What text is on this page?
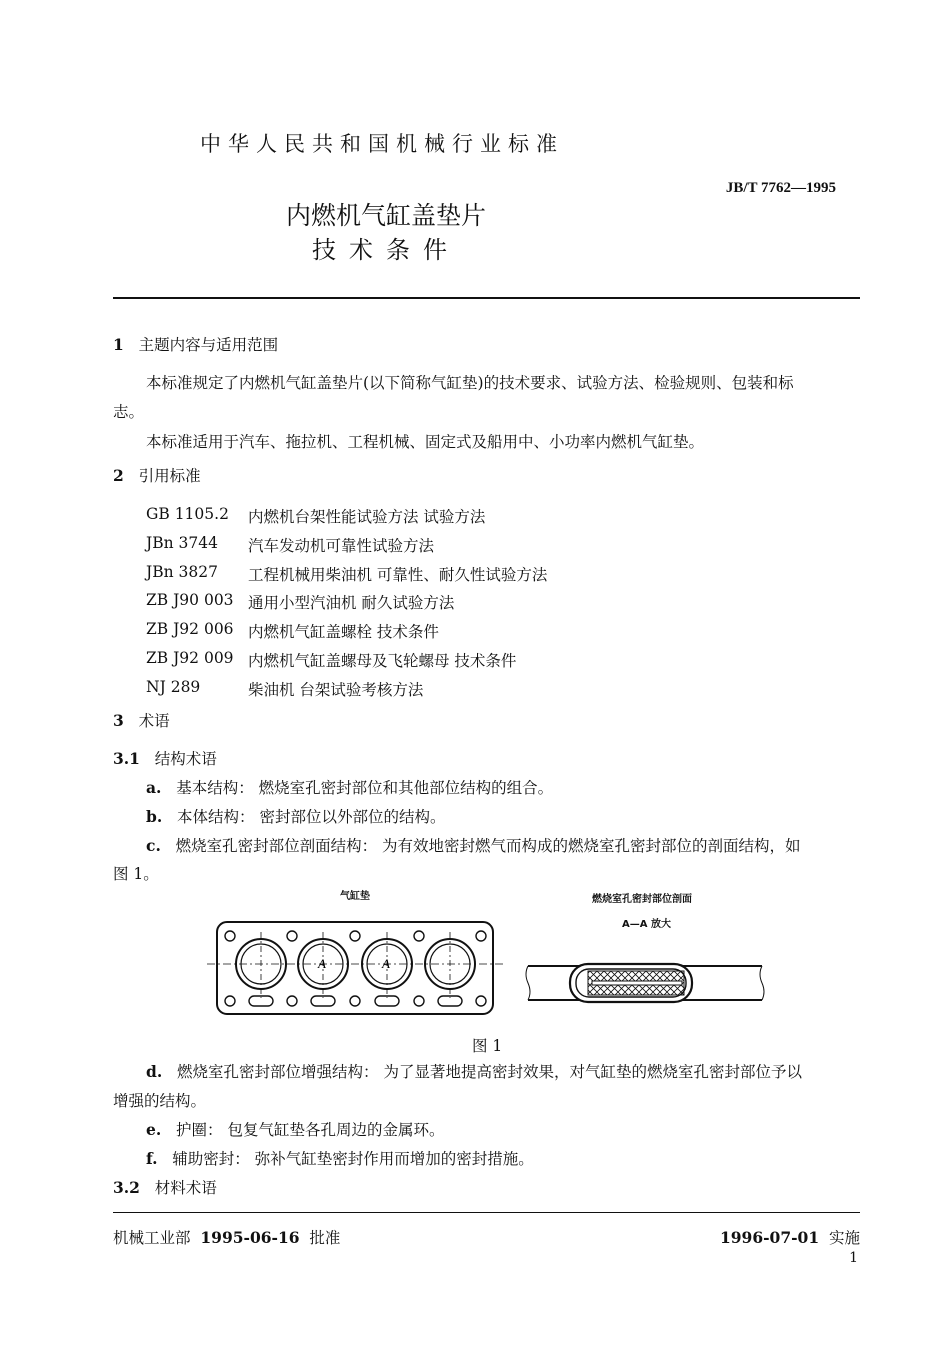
中华人民共和国机械行业标准
JB/T 7762—1995
内燃机气缸盖垫片
技术条件
1 主题内容与适用范围
本标准规定了内燃机气缸盖垫片(以下简称气缸垫)的技术要求、试验方法、检验规则、包装和标
志。
本标准适用于汽车、拖拉机、工程机械、固定式及船用中、小功率内燃机气缸垫。
2 引用标准
GB 1105.2 内燃机台架性能试验方法 试验方法
JBn 3744 汽车发动机可靠性试验方法
JBn 3827 工程机械用柴油机 可靠性、耐久性试验方法
ZB J90 003 通用小型汽油机 耐久试验方法
ZB J92 006 内燃机气缸盖螺栓 技术条件
ZB J92 009 内燃机气缸盖螺母及飞轮螺母 技术条件
NJ 289	柴油机 台架试验考核方法
3 术语
3.1 结构术语
a. 基本结构： 燃烧室孔密封部位和其他部位结构的组合。
b. 本体结构： 密封部位以外部位的结构。
c. 燃烧室孔密封部位剖面结构： 为有效地密封燃气而构成的燃烧室孔密封部位的剖面结构，如
图 1。
气缸垫	燃烧室孔密封部位剖面
A—A 放大
A	A
图 1
d. 燃烧室孔密封部位增强结构： 为了显著地提高密封效果，对气缸垫的燃烧室孔密封部位予以
增强的结构。
e. 护圈： 包复气缸垫各孔周边的金属环。
f. 辅助密封： 弥补气缸垫密封作用而增加的密封措施。
3.2 材料术语
机械工业部 1995-06-16 批准	1996-07-01 实施
1
